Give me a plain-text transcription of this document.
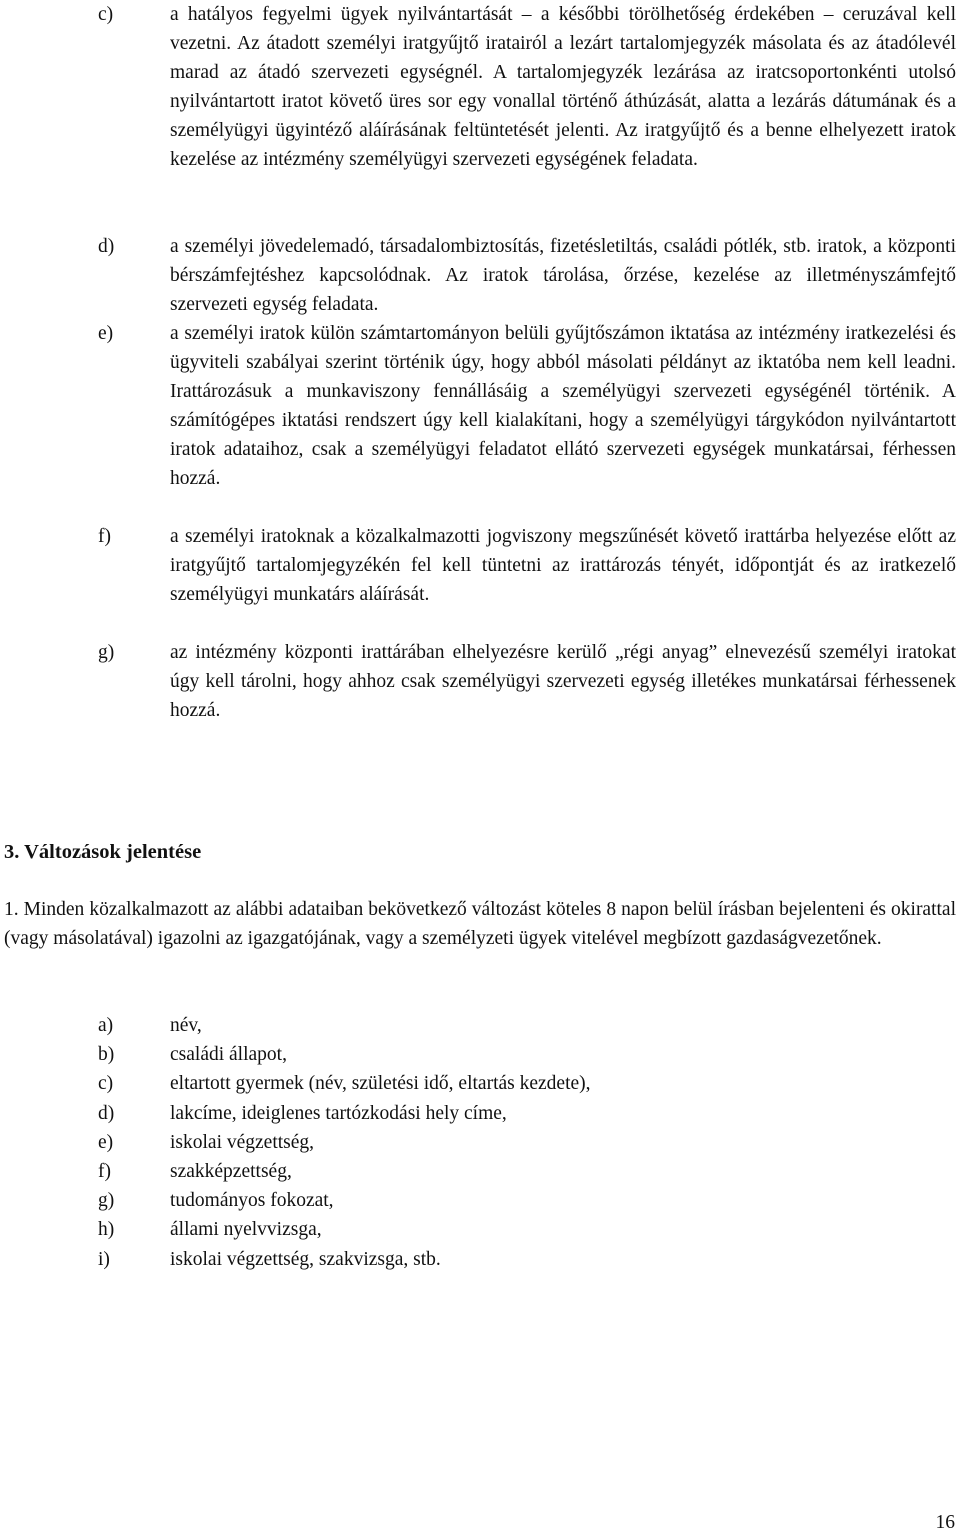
c)	a hatályos fegyelmi ügyek nyilvántartását – a későbbi törölhetőség érdekében – ceruzával kell vezetni. Az átadott személyi iratgyűjtő iratairól a lezárt tartalomjegyzék másolata és az átadólevél marad az átadó szervezeti egységnél. A tartalomjegyzék lezárása az iratcsoportonkénti utolsó nyilvántartott iratot követő üres sor egy vonallal történő áthúzását, alatta a lezárás dátumának és a személyügyi ügyintéző aláírásának feltüntetését jelenti. Az iratgyűjtő és a benne elhelyezett iratok kezelése az intézmény személyügyi szervezeti egységének feladata.

d)	a személyi jövedelemadó, társadalombiztosítás, fizetésletiltás, családi pótlék, stb. iratok, a központi bérszámfejtéshez kapcsolódnak. Az iratok tárolása, őrzése, kezelése az illetményszámfejtő szervezeti egység feladata.

e)	a személyi iratok külön számtartományon belüli gyűjtőszámon iktatása az intézmény iratkezelési és ügyviteli szabályai szerint történik úgy, hogy abból másolati példányt az iktatóba nem kell leadni. Irattározásuk a munkaviszony fennállásáig a személyügyi szervezeti egységénél történik. A számítógépes iktatási rendszert úgy kell kialakítani, hogy a személyügyi tárgykódon nyilvántartott iratok adataihoz, csak a személyügyi feladatot ellátó szervezeti egységek munkatársai, férhessen hozzá.

f)	a személyi iratoknak a közalkalmazotti jogviszony megszűnését követő irattárba helyezése előtt az iratgyűjtő tartalomjegyzékén fel kell tüntetni az irattározás tényét, időpontját és az iratkezelő személyügyi munkatárs aláírását.

g)	az intézmény központi irattárában elhelyezésre kerülő „régi anyag” elnevezésű személyi iratokat úgy kell tárolni, hogy ahhoz csak személyügyi szervezeti egység illetékes munkatársai férhessenek hozzá.

3. Változások jelentése

1. Minden közalkalmazott az alábbi adataiban bekövetkező változást köteles 8 napon belül írásban bejelenteni és okirattal (vagy másolatával) igazolni az igazgatójának, vagy a személyzeti ügyek vitelével megbízott gazdaságvezetőnek.

a)	név,
b)	családi állapot,
c)	eltartott gyermek (név, születési idő, eltartás kezdete),
d)	lakcíme, ideiglenes tartózkodási hely címe,
e)	iskolai végzettség,
f)	szakképzettség,
g)	tudományos fokozat,
h)	állami nyelvvizsga,
i)	iskolai végzettség, szakvizsga, stb.
16
